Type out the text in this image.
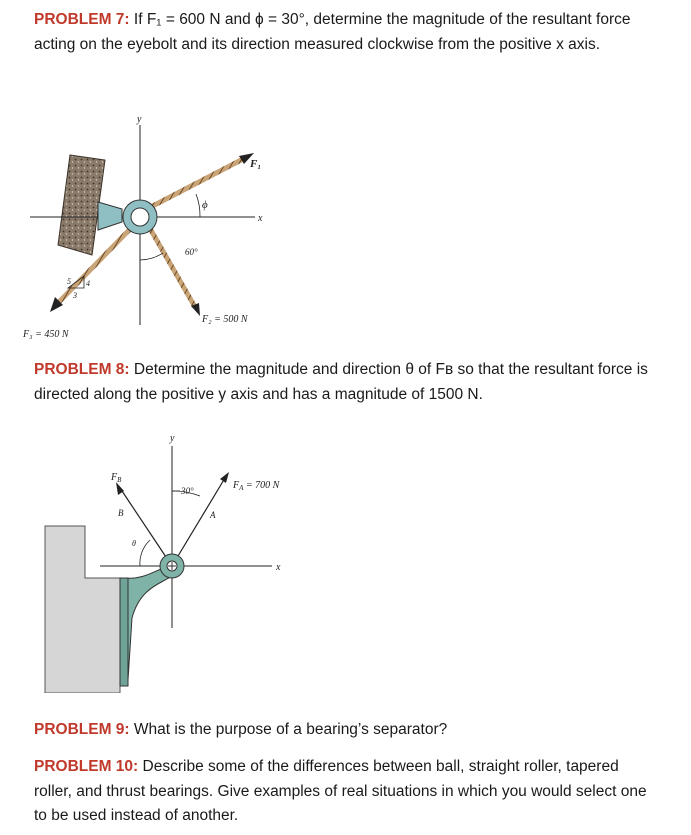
PROBLEM 7: If F₁ = 600 N and ϕ = 30°, determine the magnitude of the resultant force acting on the eyebolt and its direction measured clockwise from the positive x axis.
y
x
F₁
ϕ
60°
F₂ = 500 N
5 4
3
F₃ = 450 N
PROBLEM 8: Determine the magnitude and direction θ of Fʙ so that the resultant force is directed along the positive y axis and has a magnitude of 1500 N.
y
x
$F_B$
B
θ
$F_A = 700$ N
A
30°
PROBLEM 9: What is the purpose of a bearing’s separator?
PROBLEM 10: Describe some of the differences between ball, straight roller, tapered roller, and thrust bearings. Give examples of real situations in which you would select one to be used instead of another.
